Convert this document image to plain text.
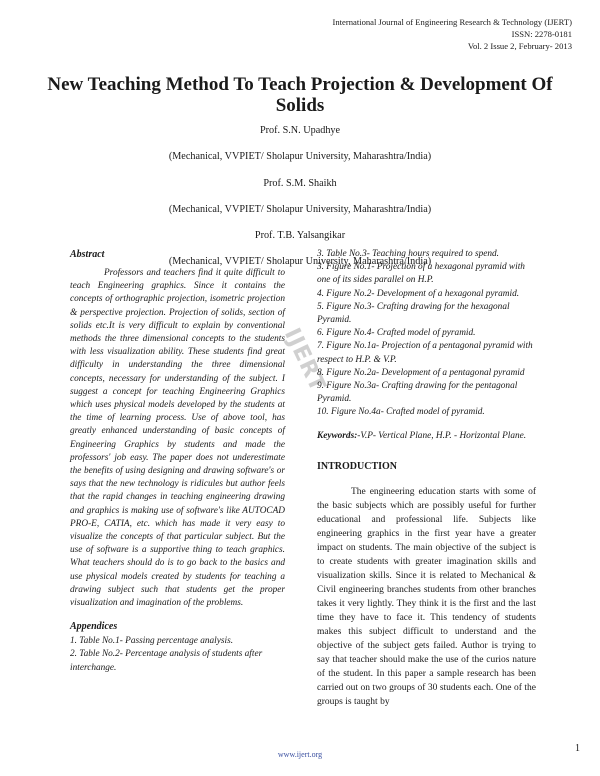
International Journal of Engineering Research & Technology (IJERT)
ISSN: 2278-0181
Vol. 2 Issue 2, February- 2013
New Teaching Method To Teach Projection & Development Of Solids
Prof. S.N. Upadhye
(Mechanical, VVPIET/ Sholapur University, Maharashtra/India)
Prof. S.M. Shaikh
(Mechanical, VVPIET/ Sholapur University, Maharashtra/India)
Prof. T.B. Yalsangikar
(Mechanical, VVPIET/ Sholapur University, Maharashtra/India)
IJERT
Abstract

Professors and teachers find it quite difficult to teach Engineering graphics. Since it contains the concepts of orthographic projection, isometric projection & perspective projection. Projection of solids, section of solids etc.It is very difficult to explain by conventional methods the three dimensional concepts to the students with less visualization ability. These students find great difficulty in understanding the three dimensional concepts, necessary for understanding of the subject. I suggest a concept for teaching Engineering Graphics which uses physical models developed by the students at the time of learning process. Use of above tool, has greatly enhanced understanding of basic concepts of Engineering Graphics by students and made the professors' job easy. The paper does not underestimate the benefits of using designing and drawing software's or says that the new technology is ridicules but author feels that the rapid changes in teaching engineering drawing and graphics is making use of software's like AUTOCAD PRO-E, CATIA, etc. which has made it very easy to visualize the concepts of that particular subject. But the use of software is a supportive thing to teach graphics. What teachers should do is to go back to the basics and use physical models created by students for teaching a drawing subject such that students get the proper visualization and imagination of the problems.

Appendices
1. Table No.1- Passing percentage analysis.
2. Table No.2- Percentage analysis of students after interchange.
3. Table No.3- Teaching hours required to spend.
3. Figure No.1- Projection of a hexagonal pyramid with one of its sides parallel on H.P.
4. Figure No.2- Development of a hexagonal pyramid.
5. Figure No.3- Crafting drawing for the hexagonal Pyramid.
6. Figure No.4- Crafted model of pyramid.
7. Figure No.1a- Projection of a pentagonal pyramid with respect to H.P. & V.P.
8. Figure No.2a- Development of a pentagonal pyramid
9. Figure No.3a- Crafting drawing for the pentagonal Pyramid.
10. Figure No.4a- Crafted model of pyramid.
Keywords:-V.P- Vertical Plane, H.P. - Horizontal Plane.
INTRODUCTION

The engineering education starts with some of the basic subjects which are possibly useful for further educational and professional life. Subjects like engineering graphics in the first year have a greater impact on students. The main objective of the subject is to create students with greater imagination skills and visualization skills. Since it is related to Mechanical & Civil engineering branches students from other branches takes it very lightly. They think it is the first and the last time they have to face it. This tendency of students makes this subject difficult to understand and the objective of the subject gets failed. Author is trying to say that teacher should make the use of the curios nature of the student. In this paper a sample research has been carried out on two groups of 30 students each. One of the groups is taught by

www.ijert.org
1
